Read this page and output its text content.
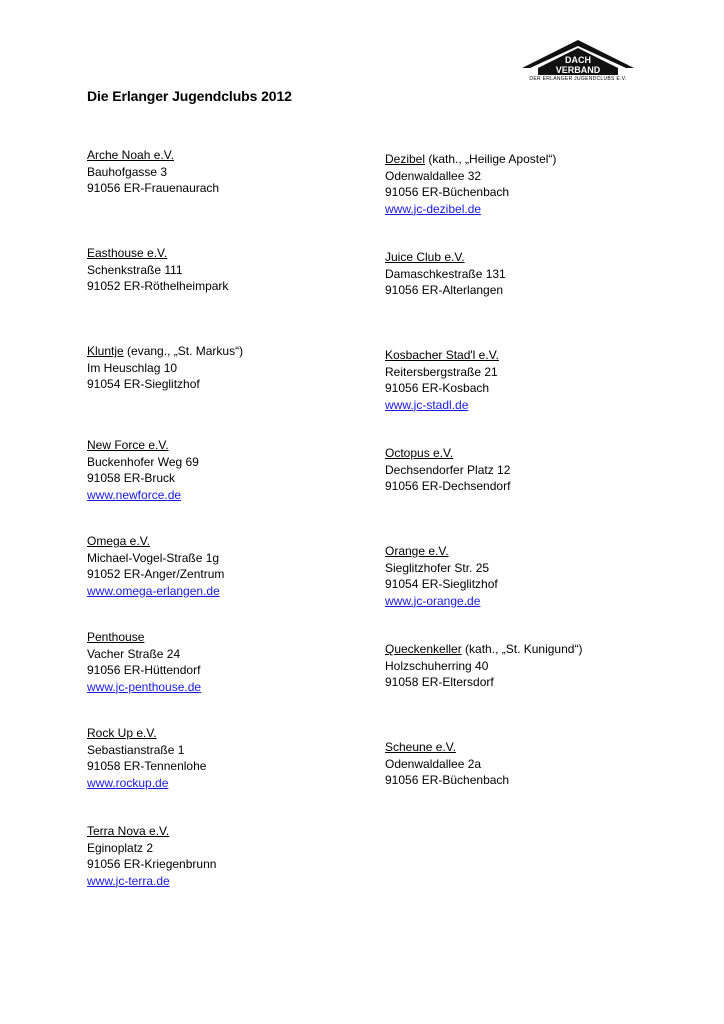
DACH
VERBAND
DER ERLANGER JUGENDCLUBS E.V.
Die Erlanger Jugendclubs 2012
Arche Noah e.V.
Bauhofgasse 3
91056 ER-Frauenaurach
Easthouse e.V.
Schenkstraße 111
91052 ER-Röthelheimpark
Kluntje (evang., „St. Markus“)
Im Heuschlag 10
91054 ER-Sieglitzhof
New Force e.V.
Buckenhofer Weg 69
91058 ER-Bruck
www.newforce.de
Omega e.V.
Michael-Vogel-Straße 1g
91052 ER-Anger/Zentrum
www.omega-erlangen.de
Penthouse
Vacher Straße 24
91056 ER-Hüttendorf
www.jc-penthouse.de
Rock Up e.V.
Sebastianstraße 1
91058 ER-Tennenlohe
www.rockup.de
Terra Nova e.V.
Eginoplatz 2
91056 ER-Kriegenbrunn
www.jc-terra.de
Dezibel (kath., „Heilige Apostel“)
Odenwaldallee 32
91056 ER-Büchenbach
www.jc-dezibel.de
Juice Club e.V.
Damaschkestraße 131
91056 ER-Alterlangen
Kosbacher Stad'l e.V.
Reitersbergstraße 21
91056 ER-Kosbach
www.jc-stadl.de
Octopus e.V.
Dechsendorfer Platz 12
91056 ER-Dechsendorf
Orange e.V.
Sieglitzhofer Str. 25
91054 ER-Sieglitzhof
www.jc-orange.de
Queckenkeller (kath., „St. Kunigund“)
Holzschuherring 40
91058 ER-Eltersdorf
Scheune e.V.
Odenwaldallee 2a
91056 ER-Büchenbach
